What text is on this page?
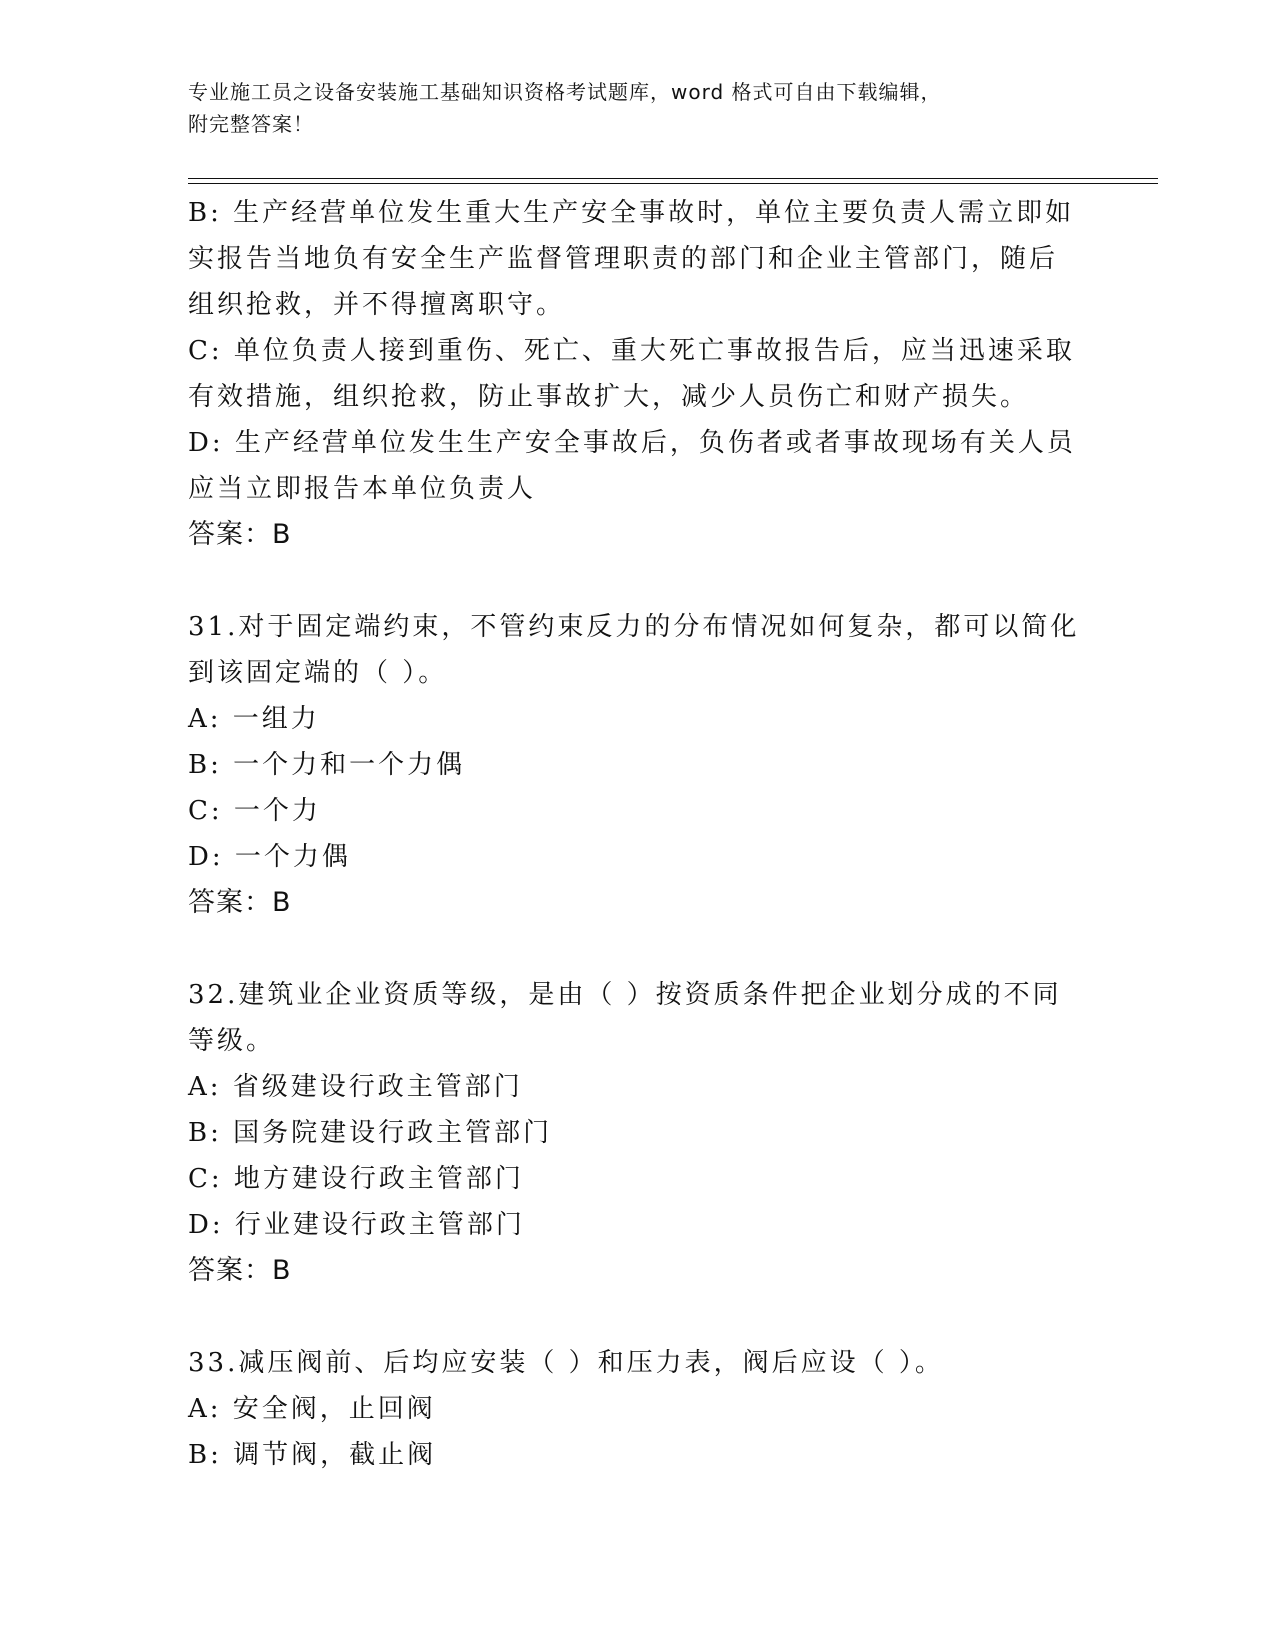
专业施工员之设备安装施工基础知识资格考试题库，word 格式可自由下载编辑，
附完整答案！

B: 生产经营单位发生重大生产安全事故时，单位主要负责人需立即如

实报告当地负有安全生产监督管理职责的部门和企业主管部门，随后

组织抢救，并不得擅离职守。

C: 单位负责人接到重伤、死亡、重大死亡事故报告后，应当迅速采取

有效措施，组织抢救，防止事故扩大，减少人员伤亡和财产损失。

D: 生产经营单位发生生产安全事故后，负伤者或者事故现场有关人员

应当立即报告本单位负责人

答案：B

31.对于固定端约束，不管约束反力的分布情况如何复杂，都可以简化

到该固定端的（ ）。

A: 一组力

B: 一个力和一个力偶

C: 一个力

D: 一个力偶

答案：B

32.建筑业企业资质等级，是由（ ）按资质条件把企业划分成的不同

等级。

A: 省级建设行政主管部门

B: 国务院建设行政主管部门

C: 地方建设行政主管部门

D: 行业建设行政主管部门

答案：B

33.减压阀前、后均应安装（ ）和压力表，阀后应设（ ）。

A: 安全阀，止回阀

B: 调节阀，截止阀
